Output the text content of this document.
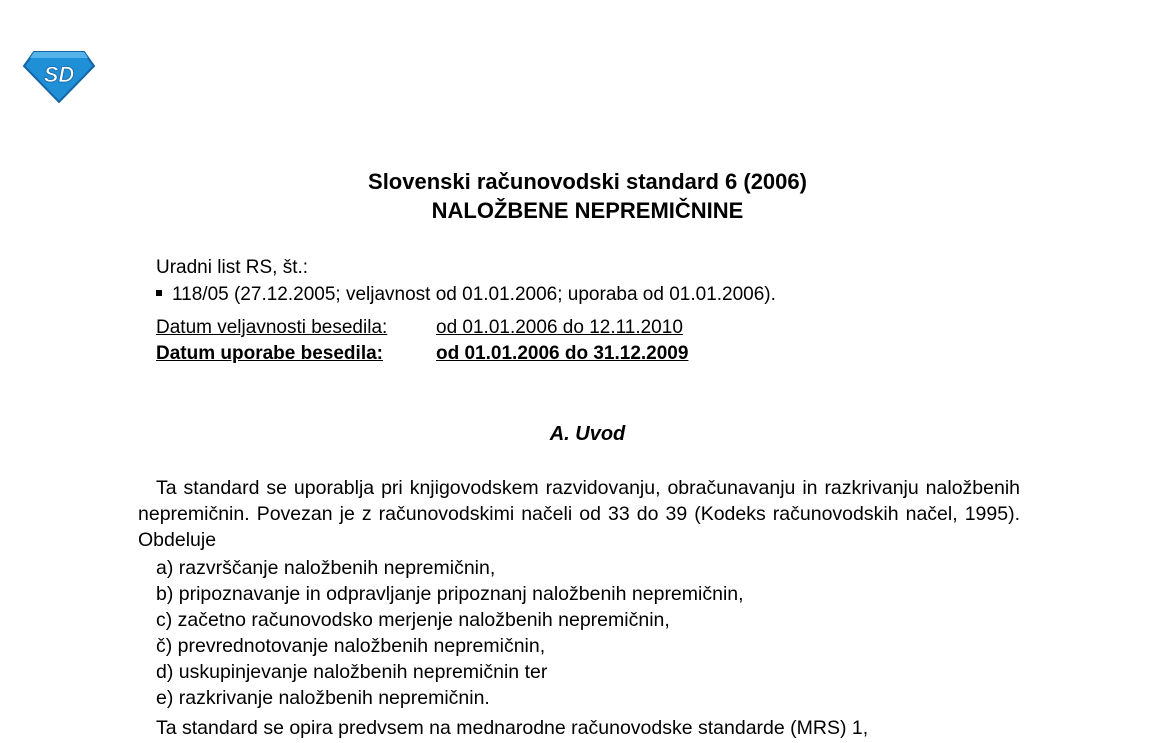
SD
Slovenski računovodski standard 6 (2006)
NALOŽBENE NEPREMIČNINE
Uradni list RS, št.:
118/05 (27.12.2005; veljavnost od 01.01.2006; uporaba od 01.01.2006).
Datum veljavnosti besedila:	od 01.01.2006 do 12.11.2010
Datum uporabe besedila:	od 01.01.2006 do 31.12.2009
A. Uvod

Ta standard se uporablja pri knjigovodskem razvidovanju, obračunavanju in razkrivanju naložbenih nepremičnin. Povezan je z računovodskimi načeli od 33 do 39 (Kodeks računovodskih načel, 1995). Obdeluje

a) razvrščanje naložbenih nepremičnin,
b) pripoznavanje in odpravljanje pripoznanj naložbenih nepremičnin,
c) začetno računovodsko merjenje naložbenih nepremičnin,
č) prevrednotovanje naložbenih nepremičnin,
d) uskupinjevanje naložbenih nepremičnin ter
e) razkrivanje naložbenih nepremičnin.

Ta standard se opira predvsem na mednarodne računovodske standarde (MRS) 1,
